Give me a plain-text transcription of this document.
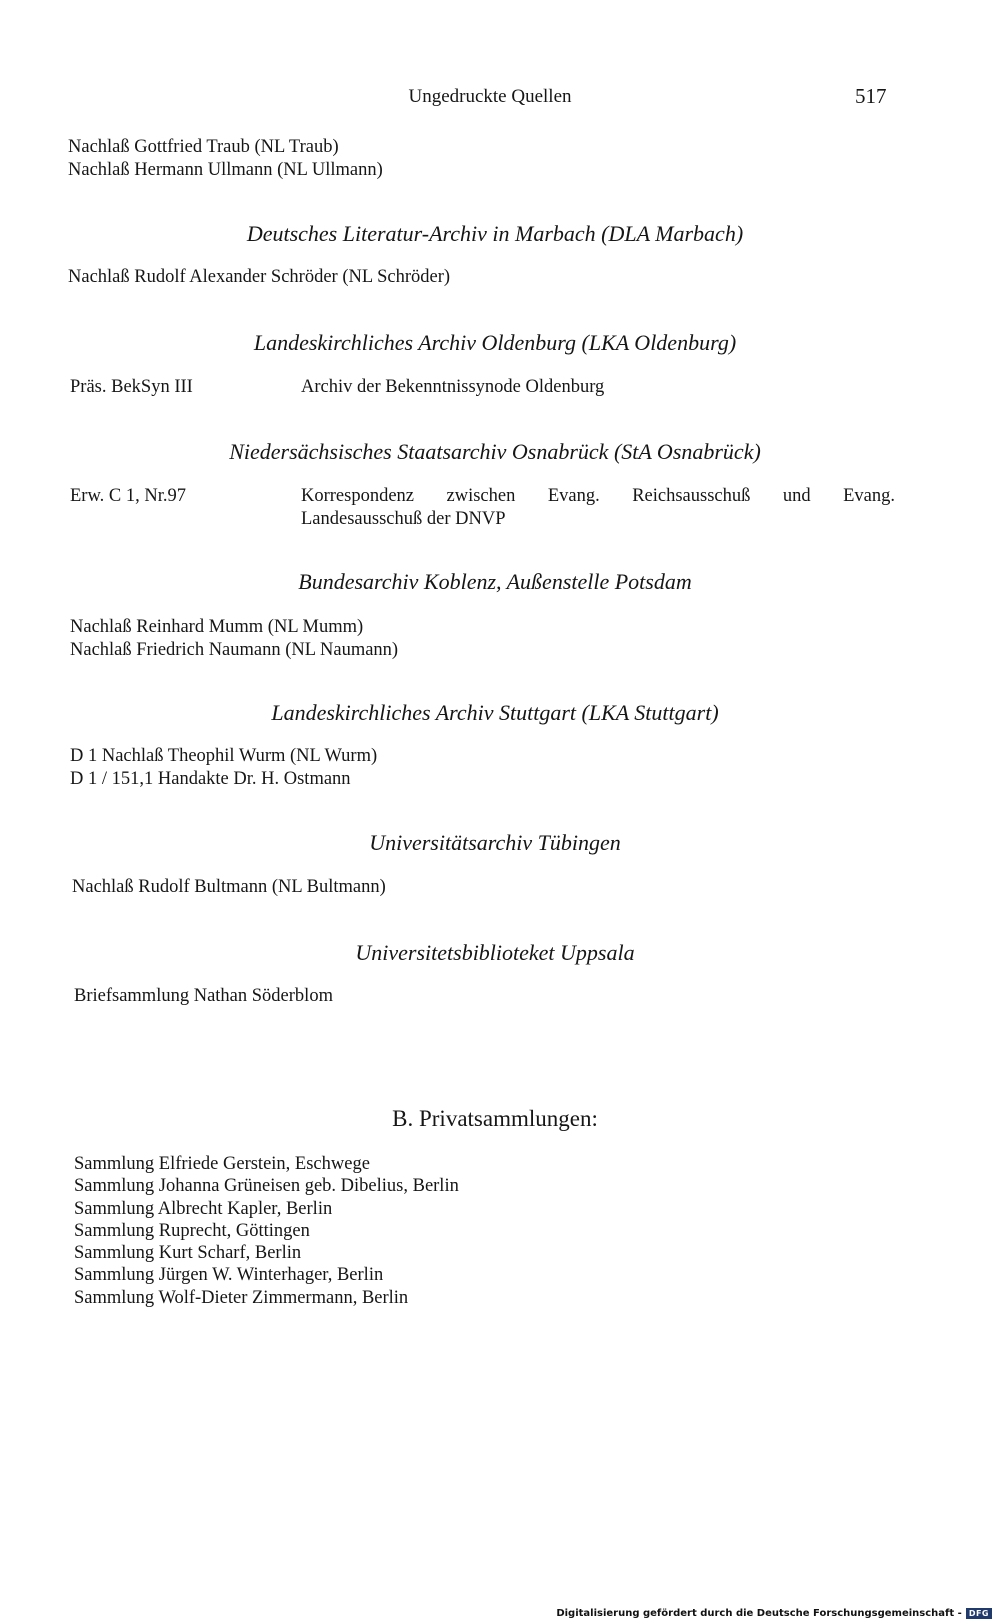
Ungedruckte Quellen	517
Nachlaß Gottfried Traub (NL Traub)
Nachlaß Hermann Ullmann (NL Ullmann)
Deutsches Literatur-Archiv in Marbach (DLA Marbach)
Nachlaß Rudolf Alexander Schröder (NL Schröder)
Landeskirchliches Archiv Oldenburg (LKA Oldenburg)
Präs. BekSyn III	Archiv der Bekenntnissynode Oldenburg
Niedersächsisches Staatsarchiv Osnabrück (StA Osnabrück)
Erw. C 1, Nr.97	Korrespondenz zwischen Evang. Reichsausschuß und Evang.
Landesausschuß der DNVP
Bundesarchiv Koblenz, Außenstelle Potsdam
Nachlaß Reinhard Mumm (NL Mumm)
Nachlaß Friedrich Naumann (NL Naumann)
Landeskirchliches Archiv Stuttgart (LKA Stuttgart)
D 1 Nachlaß Theophil Wurm (NL Wurm)
D 1 / 151,1 Handakte Dr. H. Ostmann
Universitätsarchiv Tübingen
Nachlaß Rudolf Bultmann (NL Bultmann)
Universitetsbiblioteket Uppsala
Briefsammlung Nathan Söderblom
B. Privatsammlungen:
Sammlung Elfriede Gerstein, Eschwege
Sammlung Johanna Grüneisen geb. Dibelius, Berlin
Sammlung Albrecht Kapler, Berlin
Sammlung Ruprecht, Göttingen
Sammlung Kurt Scharf, Berlin
Sammlung Jürgen W. Winterhager, Berlin
Sammlung Wolf-Dieter Zimmermann, Berlin
Digitalisierung gefördert durch die Deutsche Forschungsgemeinschaft - DFG
